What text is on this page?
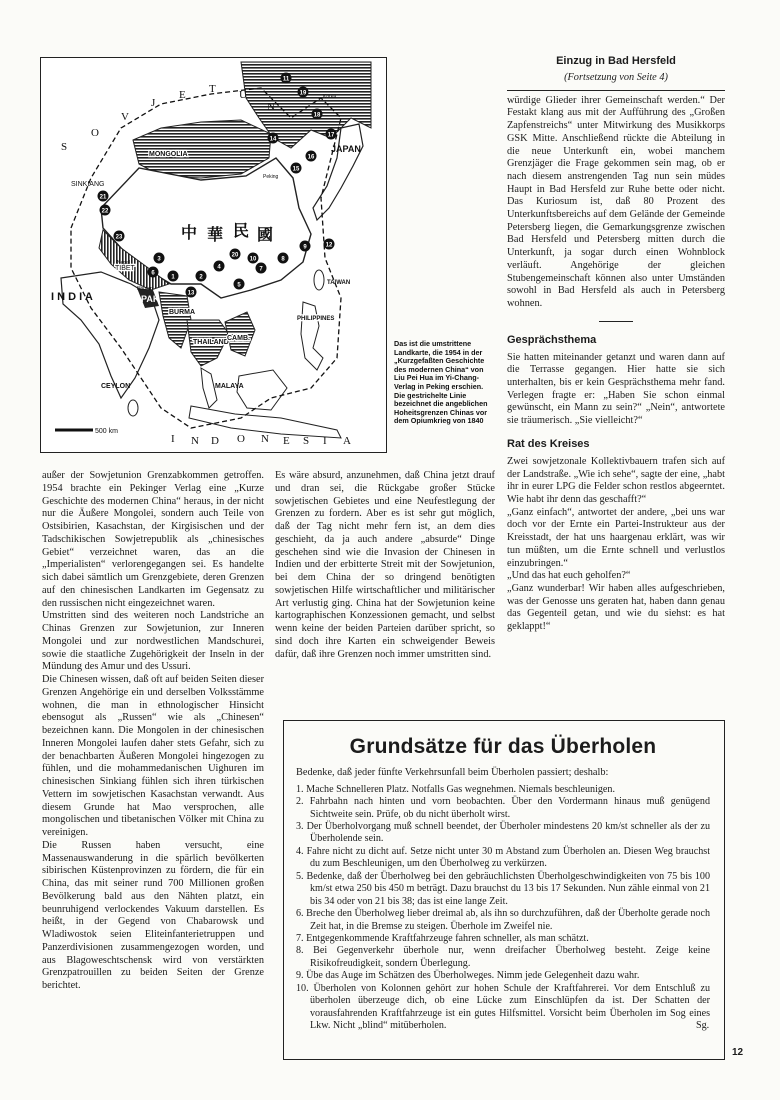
11
19
18
17
16
15
14
10
20
21
22
23
6
3
1	2
4
5
7
8
9	12
13
S
O
V
J
E T U
N
MONGOLIA
SINKIANG
TIBET
I N D I A	PAK
BURMA
THAILAND
CAMB.
MALAYA
JAPAN
PHILIPPINES
CEYLON
TAIWAN
500 km
I N D O N E S I A
中 華 民 國
Korea
Peking
Bhutan
Nepal
Das ist die umstrittene Landkarte, die 1954 in der „Kurzgefaßten Geschichte des modernen China“ von Liu Pei Hua im Yi-Chang-Verlag in Peking erschien. Die gestrichelte Linie bezeichnet die angeblichen Hoheitsgrenzen Chinas vor dem Opiumkrieg von 1840

außer der Sowjetunion Grenzabkommen getroffen. 1954 brachte ein Pekinger Verlag eine „Kurze Geschichte des modernen China“ heraus, in der nicht nur die Äußere Mongolei, sondern auch Teile von Ostsibirien, Kasachstan, der Kirgisischen und der Tadschikischen Sowjetrepublik als „chinesisches Gebiet“ verzeichnet waren, das an die „Imperialisten“ verlorengegangen sei. Es handelte sich dabei sämtlich um Grenzgebiete, deren Grenzen auf den chinesischen Landkarten im Gegensatz zu den russischen nicht eingezeichnet waren.

Umstritten sind des weiteren noch Landstriche an Chinas Grenzen zur Sowjetunion, zur Inneren Mongolei und zur nordwestlichen Mandschurei, sowie die staatliche Zugehörigkeit der Inseln in der Mündung des Amur und des Ussuri.

Die Chinesen wissen, daß oft auf beiden Seiten dieser Grenzen Angehörige ein und derselben Volksstämme wohnen, die man in ethnologischer Hinsicht ebensogut als „Russen“ wie als „Chinesen“ bezeichnen kann. Die Mongolen in der chinesischen Inneren Mongolei laufen daher stets Gefahr, sich zu der benachbarten Äußeren Mongolei hingezogen zu fühlen, und die mohammedanischen Uighuren im chinesischen Sinkiang fühlen sich ihren türkischen Vettern im sowjetischen Kasachstan verwandt. Aus diesem Grunde hat Mao versprochen, alle mongolischen und tibetanischen Völker mit China zu vereinigen.

Die Russen haben versucht, eine Massenauswanderung in die spärlich bevölkerten sibirischen Küstenprovinzen zu fördern, die für ein China, das mit seiner rund 700 Millionen großen Bevölkerung bald aus den Nähten platzt, ein beunruhigend verlockendes Vakuum darstellen. Es heißt, in der Gegend von Chabarowsk und Wladiwostok seien Eliteinfanterietruppen und Panzerdivisionen zusammengezogen worden, und aus Blagoweschtschensk wird von verstärkten Grenzpatrouillen zu beiden Seiten der Grenze berichtet.

Es wäre absurd, anzunehmen, daß China jetzt drauf und dran sei, die Rückgabe großer Stücke sowjetischen Gebietes und eine Neufestlegung der Grenzen zu fordern. Aber es ist sehr gut möglich, daß der Tag nicht mehr fern ist, an dem dies geschieht, da ja auch andere „absurde“ Dinge geschehen sind wie die Invasion der Chinesen in Indien und der erbitterte Streit mit der Sowjetunion, bei dem China der so dringend benötigten sowjetischen Hilfe wirtschaftlicher und militärischer Art verlustig ging. China hat der Sowjetunion keine kartographischen Konzessionen gemacht, und selbst wenn keine der beiden Parteien darüber spricht, so sind doch ihre Karten ein schweigender Beweis dafür, daß ihre Grenzen noch immer umstritten sind.

Einzug in Bad Hersfeld

(Fortsetzung von Seite 4)

würdige Glieder ihrer Gemeinschaft werden.“ Der Festakt klang aus mit der Aufführung des „Großen Zapfenstreichs“ unter Mitwirkung des Musikkorps GSK Mitte. Anschließend rückte die Abteilung in die neue Unterkunft ein, wobei manchem Grenzjäger die Frage gekommen sein mag, ob er nach diesem anstrengenden Tag nun sein müdes Haupt in Bad Hersfeld zur Ruhe bette oder nicht. Das Kuriosum ist, daß 80 Prozent des Unterkunftsbereichs auf dem Gelände der Gemeinde Petersberg liegen, die Gemarkungsgrenze zwischen Bad Hersfeld und Petersberg mitten durch die Unterkunft, ja sogar durch einen Wohnblock verläuft. Angehörige der gleichen Stubengemeinschaft können also unter Umständen sowohl in Bad Hersfeld als auch in Petersberg wohnen.

Gesprächsthema

Sie hatten miteinander getanzt und waren dann auf die Terrasse gegangen. Hier hatte sie sich unterhalten, bis er kein Gesprächsthema mehr fand. Verlegen fragte er: „Haben Sie schon einmal gewünscht, ein Mann zu sein?“ „Nein“, antwortete sie träumerisch. „Sie vielleicht?“

Rat des Kreises

Zwei sowjetzonale Kollektivbauern trafen sich auf der Landstraße. „Wie ich sehe“, sagte der eine, „habt ihr in eurer LPG die Felder schon restlos abgeerntet. Wie habt ihr denn das geschafft?“

„Ganz einfach“, antwortet der andere, „bei uns war doch vor der Ernte ein Partei-Instrukteur aus der Kreisstadt, der hat uns haargenau erklärt, was wir tun müßten, um die Ernte schnell und verlustlos einzubringen.“

„Und das hat euch geholfen?“

„Ganz wunderbar! Wir haben alles aufgeschrieben, was der Genosse uns geraten hat, haben dann genau das Gegenteil getan, und wie du siehst: es hat geklappt!“

Grundsätze für das Überholen

Bedenke, daß jeder fünfte Verkehrsunfall beim Überholen passiert; deshalb:

1. Mache Schnelleren Platz. Notfalls Gas wegnehmen. Niemals beschleunigen.
2. Fahrbahn nach hinten und vorn beobachten. Über den Vordermann hinaus muß genügend Sichtweite sein. Prüfe, ob du nicht überholt wirst.
3. Der Überholvorgang muß schnell beendet, der Überholer mindestens 20 km/st schneller als der zu Überholende sein.
4. Fahre nicht zu dicht auf. Setze nicht unter 30 m Abstand zum Überholen an. Diesen Weg brauchst du zum Beschleunigen, um den Überholweg zu verkürzen.
5. Bedenke, daß der Überholweg bei den gebräuchlichsten Überholgeschwindigkeiten von 75 bis 100 km/st etwa 250 bis 450 m beträgt. Dazu brauchst du 13 bis 17 Sekunden. Nun zähle einmal von 21 bis 34 oder von 21 bis 38; das ist eine lange Zeit.
6. Breche den Überholweg lieber dreimal ab, als ihn so durchzuführen, daß der Überholte gerade noch Zeit hat, in die Bremse zu steigen. Überhole im Zweifel nie.
7. Entgegenkommende Kraftfahrzeuge fahren schneller, als man schätzt.
8. Bei Gegenverkehr überhole nur, wenn dreifacher Überholweg besteht. Zeige keine Risikofreudigkeit, sondern Überlegung.
9. Übe das Auge im Schätzen des Überholweges. Nimm jede Gelegenheit dazu wahr.
10. Überholen von Kolonnen gehört zur hohen Schule der Kraftfahrerei. Vor dem Entschluß zu überholen überzeuge dich, ob eine Lücke zum Einschlüpfen da ist. Der Schatten der vorausfahrenden Kraftfahrzeuge ist ein gutes Hilfsmittel. Vorsicht beim Überholen im Sog eines Lkw. Nicht „blind“ mitüberholen.	Sg.
12
